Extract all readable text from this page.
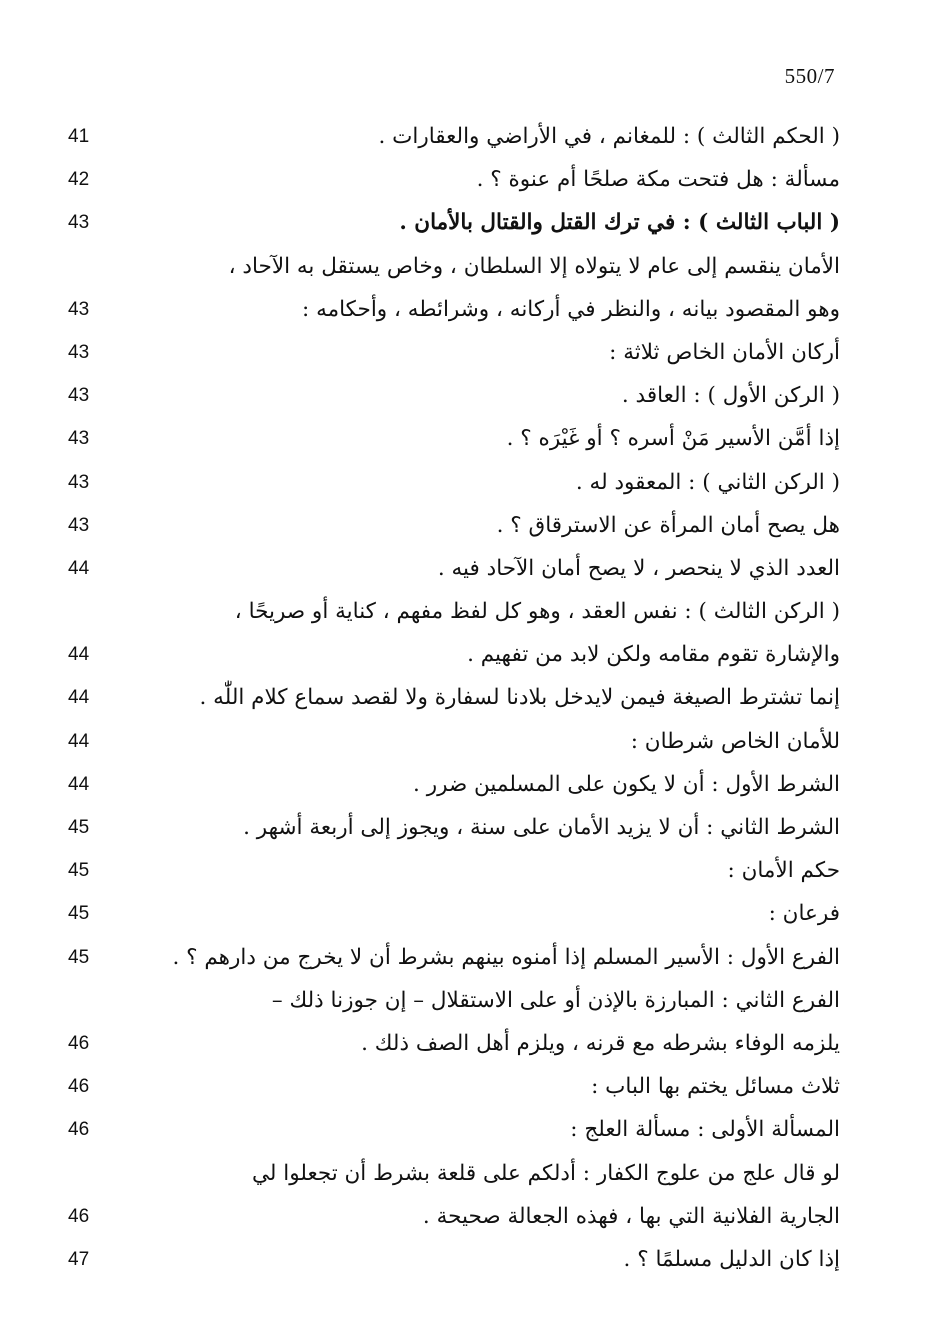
550/7
( الحكم الثالث ) : للمغانم ، في الأراضي والعقارات .
41
مسألة : هل فتحت مكة صلحًا أم عنوة ؟ .
42
( الباب الثالث ) : في ترك القتل والقتال بالأمان .
43
الأمان ينقسم إلى عام لا يتولاه إلا السلطان ، وخاص يستقل به الآحاد ،
وهو المقصود بيانه ، والنظر في أركانه ، وشرائطه ، وأحكامه :
43
أركان الأمان الخاص ثلاثة :
43
( الركن الأول ) : العاقد .
43
إذا أمَّن الأسير مَنْ أسره ؟ أو غَيْرَه ؟ .
43
( الركن الثاني ) : المعقود له .
43
هل يصح أمان المرأة عن الاسترقاق ؟ .
43
العدد الذي لا ينحصر ، لا يصح أمان الآحاد فيه .
44
( الركن الثالث ) : نفس العقد ، وهو كل لفظ مفهم ، كناية أو صريحًا ،
والإشارة تقوم مقامه ولكن لابد من تفهيم .
44
إنما تشترط الصيغة فيمن لايدخل بلادنا لسفارة ولا لقصد سماع كلام اللّٰه .
44
للأمان الخاص شرطان :
44
الشرط الأول : أن لا يكون على المسلمين ضرر .
44
الشرط الثاني : أن لا يزيد الأمان على سنة ، ويجوز إلى أربعة أشهر .
45
حكم الأمان :
45
فرعان :
45
الفرع الأول : الأسير المسلم إذا أمنوه بينهم بشرط أن لا يخرج من دارهم ؟ .
45
الفرع الثاني : المبارزة بالإذن أو على الاستقلال – إن جوزنا ذلك –
يلزمه الوفاء بشرطه مع قرنه ، ويلزم أهل الصف ذلك .
46
ثلاث مسائل يختم بها الباب :
46
المسألة الأولى : مسألة العلج :
46
لو قال علج من علوج الكفار : أدلكم على قلعة بشرط أن تجعلوا لي
الجارية الفلانية التي بها ، فهذه الجعالة صحيحة .
46
إذا كان الدليل مسلمًا ؟ .
47
